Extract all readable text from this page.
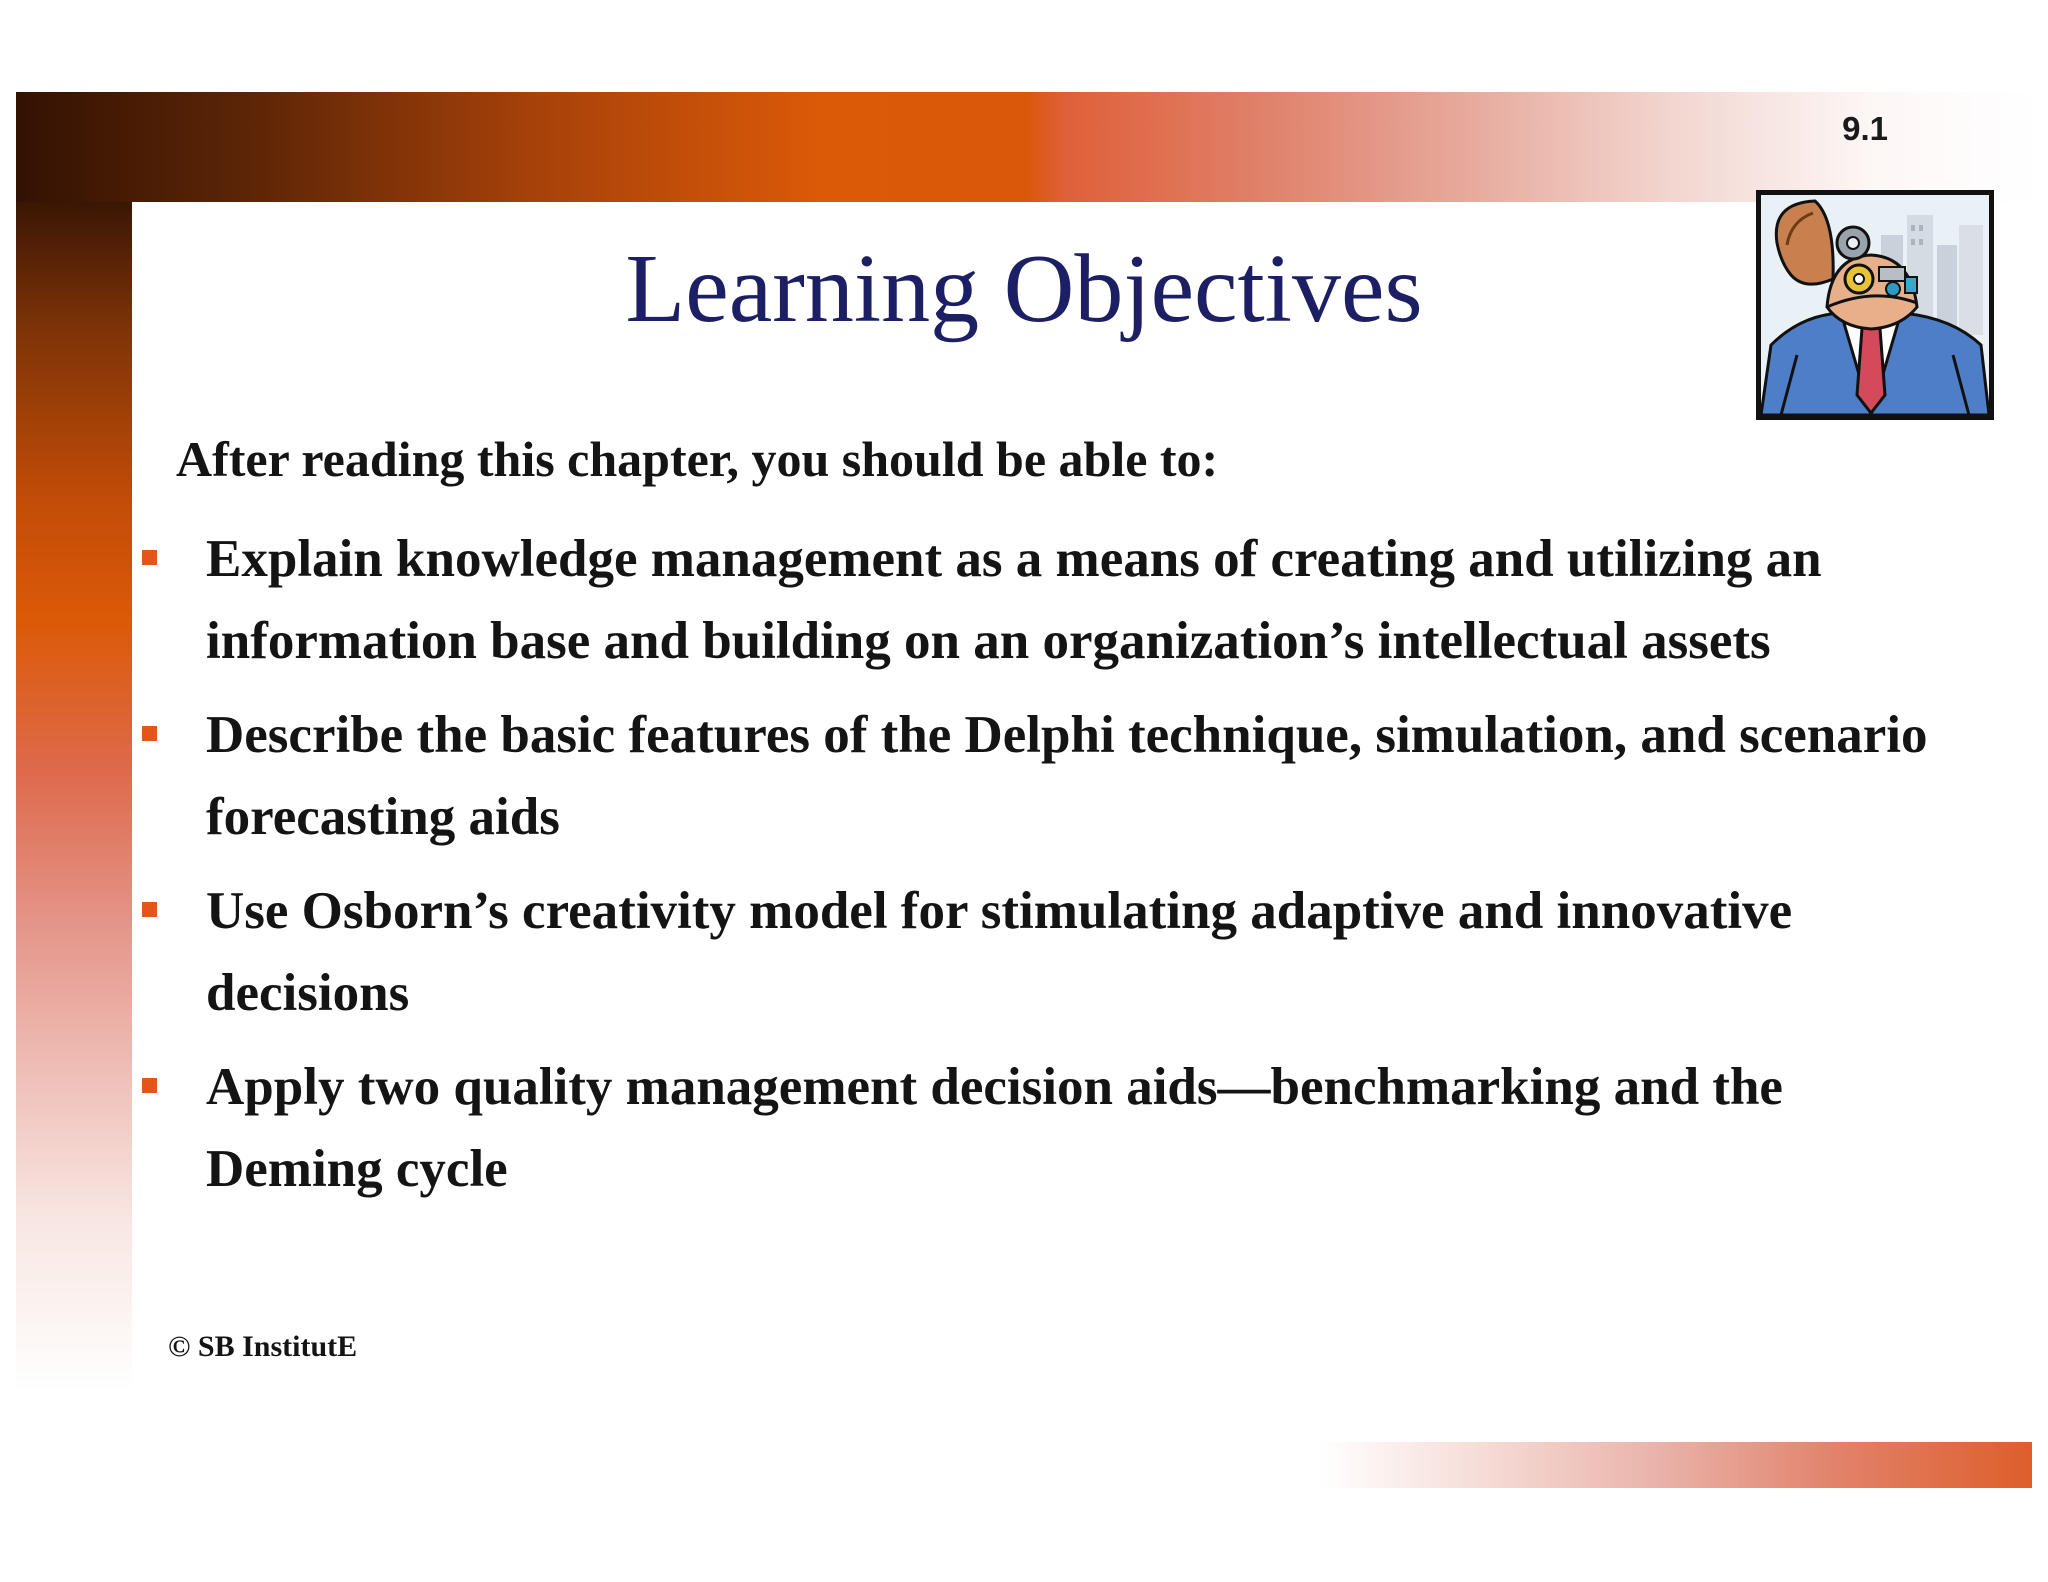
9.1
Learning Objectives
After reading this chapter, you should be able to:
Explain knowledge management as a means of creating and utilizing an information base and building on an organization’s intellectual assets
Describe the basic features of the Delphi technique, simulation, and scenario forecasting aids
Use Osborn’s creativity model for stimulating adaptive and innovative decisions
Apply two quality management decision aids—benchmarking and the Deming cycle
© SB InstitutE
